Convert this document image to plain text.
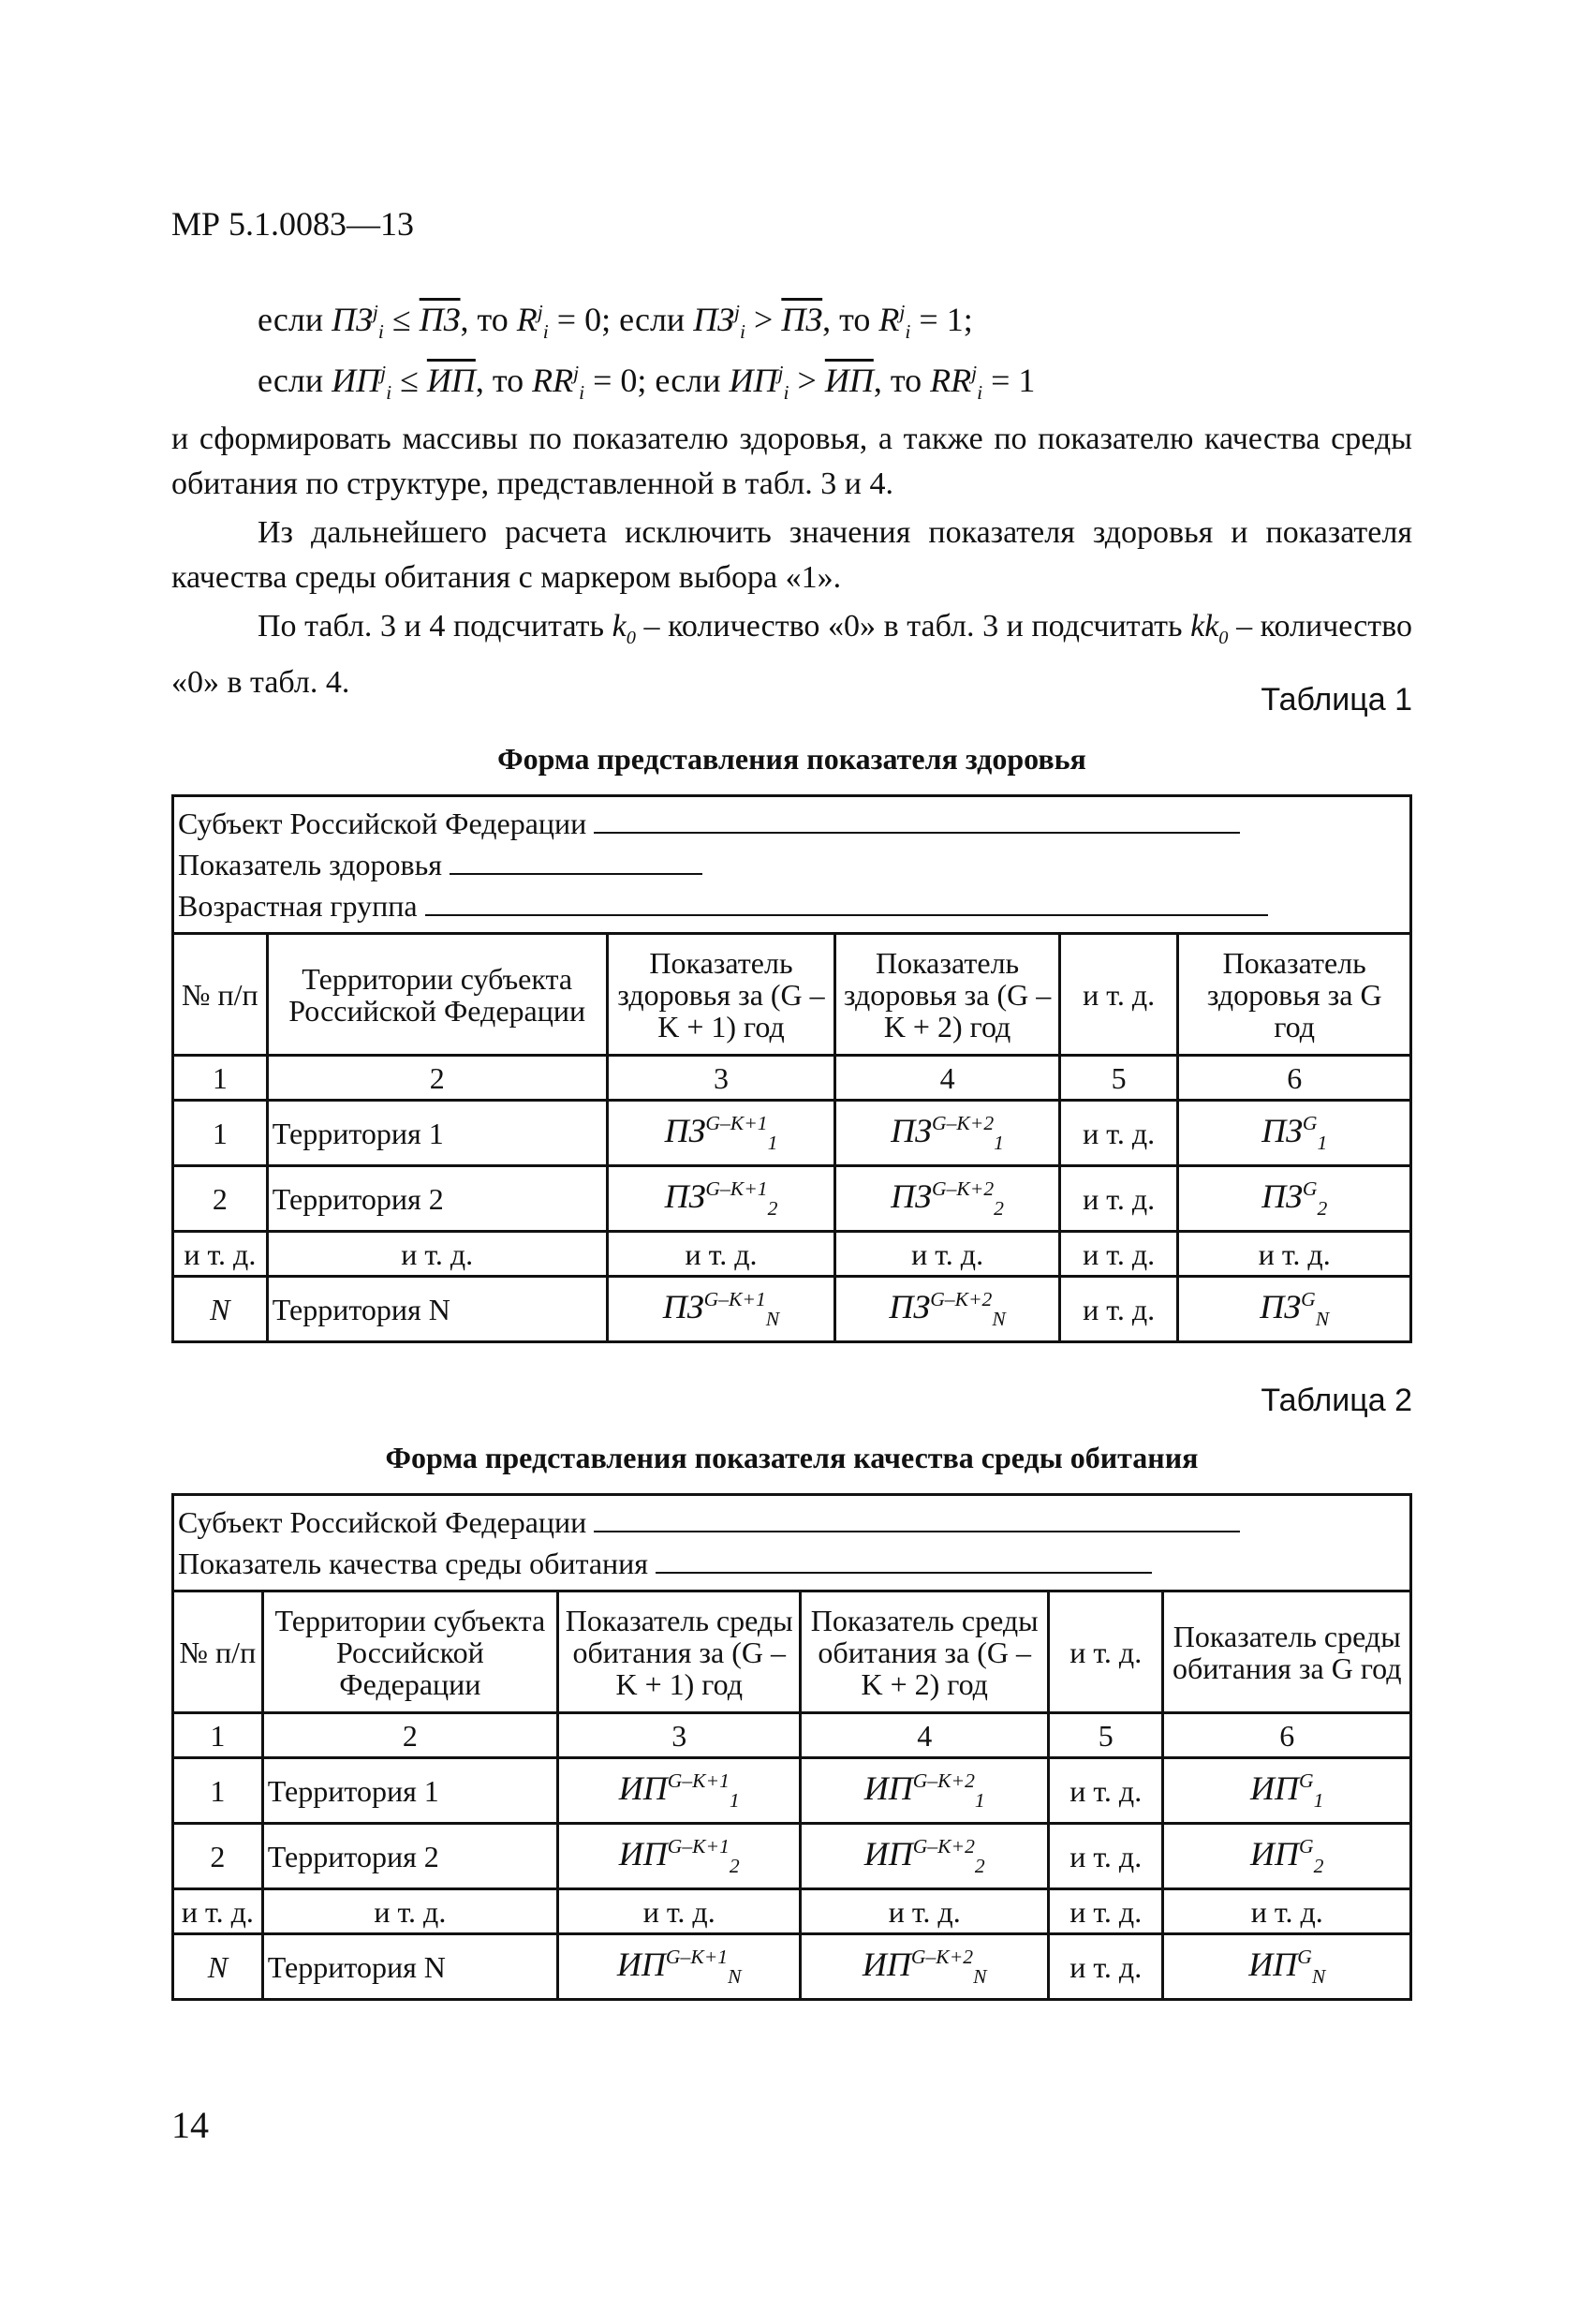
МР 5.1.0083—13
если $ПЗ^j_i$ ≤ ПЗ, то $R^j_i = 0$; если $ПЗ^j_i$ > ПЗ, то $R^j_i = 1$;
если $ИП^j_i$ ≤ ИП, то $RR^j_i = 0$; если $ИП^j_i$ > ИП, то $RR^j_i = 1$
и сформировать массивы по показателю здоровья, а также по показателю качества среды обитания по структуре, представленной в табл. 3 и 4.
Из дальнейшего расчета исключить значения показателя здоровья и показателя качества среды обитания с маркером выбора «1».
По табл. 3 и 4 подсчитать $k_0$ – количество «0» в табл. 3 и подсчитать $kk_0$ – количество «0» в табл. 4.	Таблица 1
Форма представления показателя здоровья
Субъект Российской Федерации
Показатель здоровья
Возрастная группа					

№ п/п	Территории субъекта Российской Федерации	Показатель здоровья за (G – K + 1) год	Показатель здоровья за (G – K + 2) год	и т. д.	Показатель здоровья за G год
1	2	3	4	5	6
1	Территория 1	$ПЗ^{G-K+1}_1$	$ПЗ^{G-K+2}_1$	и т. д.	$ПЗ^G_1$
2	Территория 2	$ПЗ^{G-K+1}_2$	$ПЗ^{G-K+2}_2$	и т. д.	$ПЗ^G_2$
и т. д.	и т. д.	и т. д.	и т. д.	и т. д.	и т. д.
N	Территория N	$ПЗ^{G-K+1}_N$	$ПЗ^{G-K+2}_N$	и т. д.	$ПЗ^G_N$
Таблица 2
Форма представления показателя качества среды обитания
Субъект Российской Федерации
Показатель качества среды обитания					

№ п/п	Территории субъекта Российской Федерации	Показатель среды обитания за (G – K + 1) год	Показатель среды обитания за (G – K + 2) год	и т. д.	Показатель среды обитания за G год
1	2	3	4	5	6
1	Территория 1	$ИП^{G-K+1}_1$	$ИП^{G-K+2}_1$	и т. д.	$ИП^G_1$
2	Территория 2	$ИП^{G-K+1}_2$	$ИП^{G-K+2}_2$	и т. д.	$ИП^G_2$
и т. д.	и т. д.	и т. д.	и т. д.	и т. д.	и т. д.
N	Территория N	$ИП^{G-K+1}_N$	$ИП^{G-K+2}_N$	и т. д.	$ИП^G_N$
14
